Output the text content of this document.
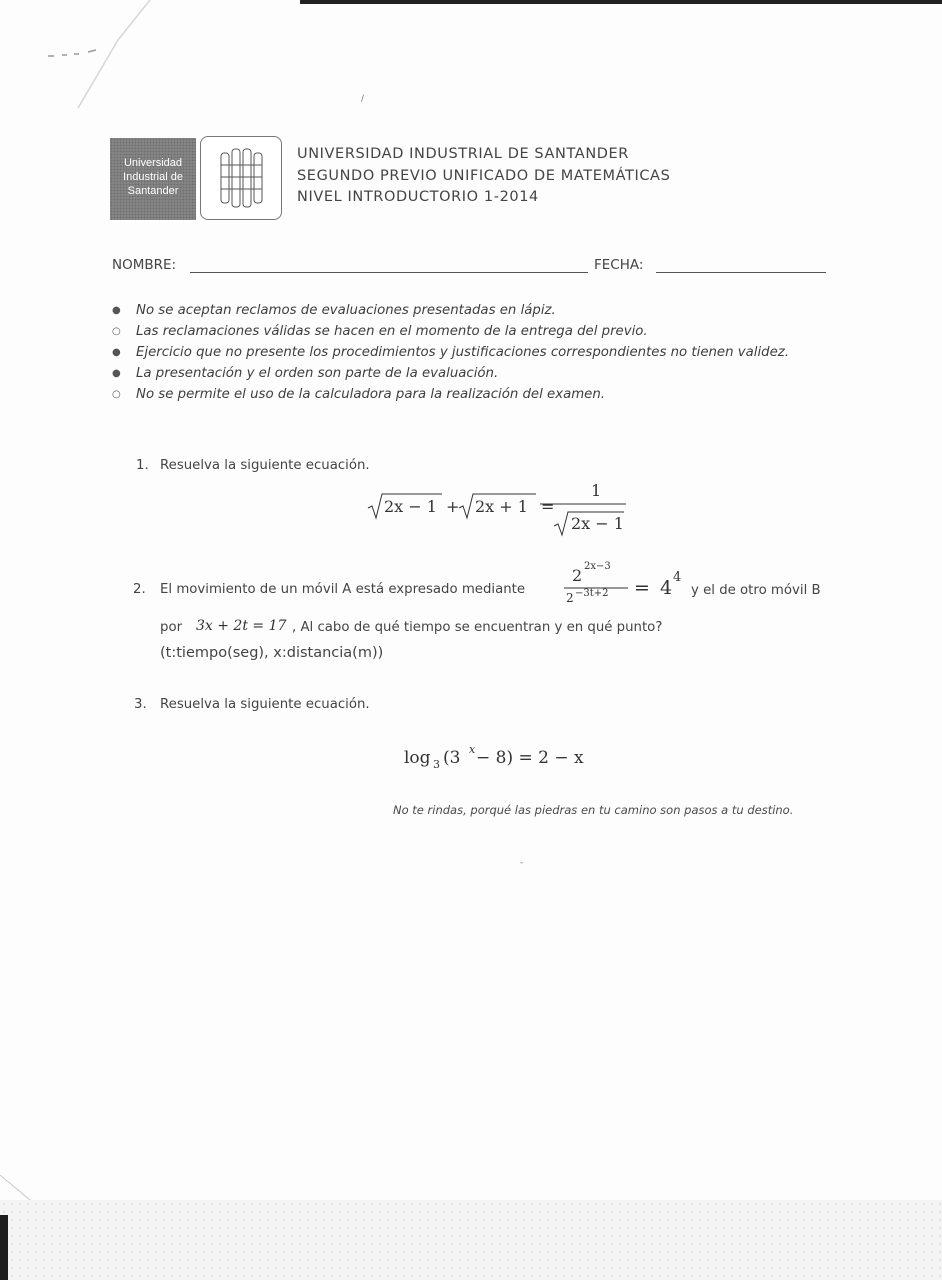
Universidad
Industrial de
Santander
UNIVERSIDAD INDUSTRIAL DE SANTANDER
SEGUNDO PREVIO UNIFICADO DE MATEMÁTICAS
NIVEL INTRODUCTORIO 1-2014
NOMBRE:	FECHA:
● No se aceptan reclamos de evaluaciones presentadas en lápiz.
○ Las reclamaciones válidas se hacen en el momento de la entrega del previo.
● Ejercicio que no presente los procedimientos y justificaciones correspondientes no tienen validez.
● La presentación y el orden son parte de la evaluación.
○ No se permite el uso de la calculadora para la realización del examen.
1. Resuelva la siguiente ecuación.
2x − 1 + 2x + 1 =
1
2x − 1
2. El movimiento de un móvil A está expresado mediante
2 2x−3
2 −3t+2 = 4 4
y el de otro móvil B
por 3x + 2t = 17 , Al cabo de qué tiempo se encuentran y en qué punto?
(t:tiempo(seg), x:distancia(m))
3. Resuelva la siguiente ecuación.
log 3 (3 x − 8) = 2 − x
No te rindas, porqué las piedras en tu camino son pasos a tu destino.
/
-
